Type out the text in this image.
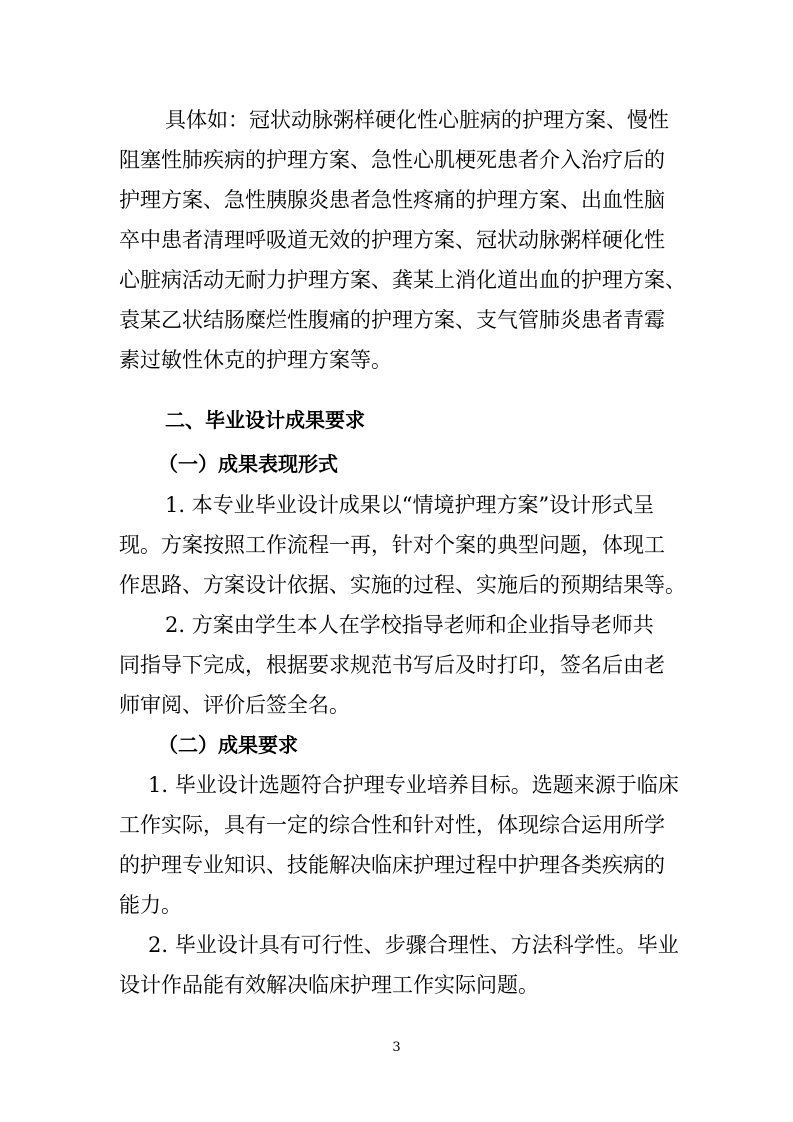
具体如：冠状动脉粥样硬化性心脏病的护理方案、慢性
阻塞性肺疾病的护理方案、急性心肌梗死患者介入治疗后的
护理方案、急性胰腺炎患者急性疼痛的护理方案、出血性脑
卒中患者清理呼吸道无效的护理方案、冠状动脉粥样硬化性
心脏病活动无耐力护理方案、龚某上消化道出血的护理方案、
袁某乙状结肠糜烂性腹痛的护理方案、支气管肺炎患者青霉
素过敏性休克的护理方案等。
二、毕业设计成果要求
（一）成果表现形式
1. 本专业毕业设计成果以“情境护理方案”设计形式呈
现。方案按照工作流程一再，针对个案的典型问题，体现工
作思路、方案设计依据、实施的过程、实施后的预期结果等。
2. 方案由学生本人在学校指导老师和企业指导老师共
同指导下完成，根据要求规范书写后及时打印，签名后由老
师审阅、评价后签全名。
（二）成果要求
1. 毕业设计选题符合护理专业培养目标。选题来源于临床
工作实际，具有一定的综合性和针对性，体现综合运用所学
的护理专业知识、技能解决临床护理过程中护理各类疾病的
能力。
2. 毕业设计具有可行性、步骤合理性、方法科学性。毕业
设计作品能有效解决临床护理工作实际问题。
3
